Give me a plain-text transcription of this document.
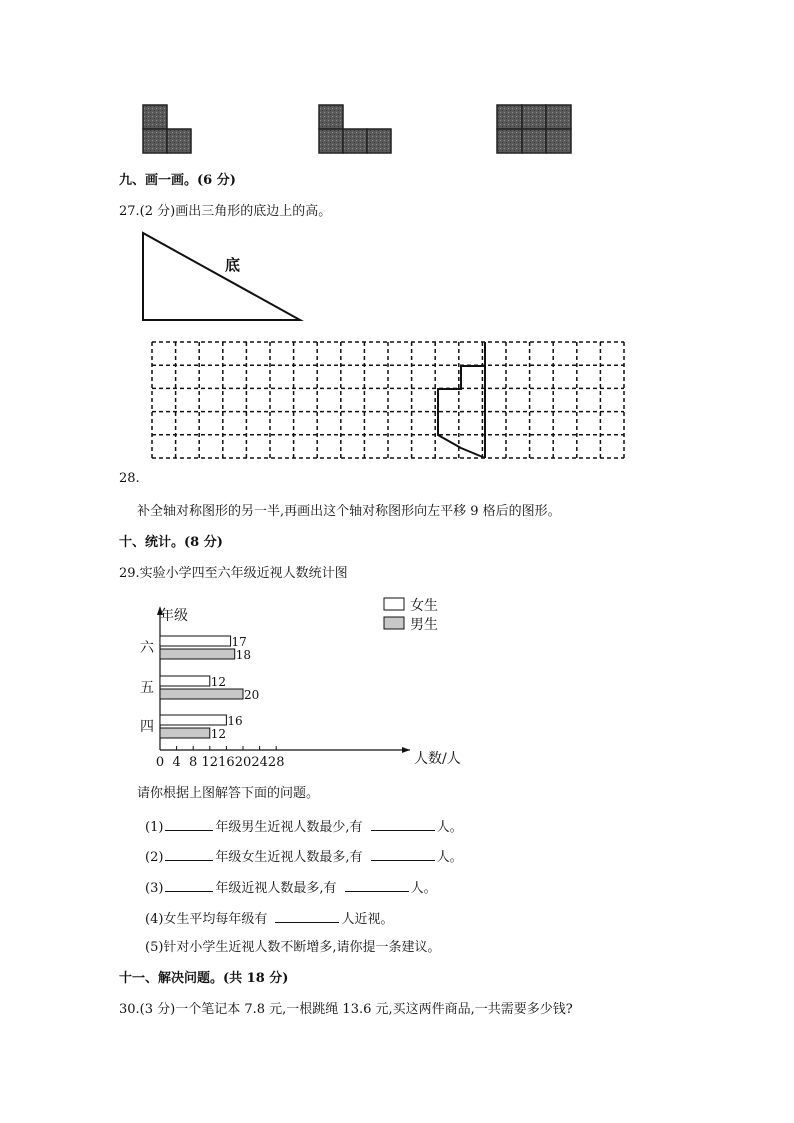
九、画一画。(6 分)
27.(2 分)画出三角形的底边上的高。
底
28.
补全轴对称图形的另一半,再画出这个轴对称图形向左平移 9 格后的图形。
十、统计。(8 分)
29.实验小学四至六年级近视人数统计图
年级
人数/人
0 4 8 12 16 20 24 28
六	17
18
五	12
20
四	16
12
女生
男生
请你根据上图解答下面的问题。
(1)	年级男生近视人数最少,有	人。
(2)	年级女生近视人数最多,有	人。
(3)	年级近视人数最多,有	人。
(4)女生平均每年级有	人近视。
(5)针对小学生近视人数不断增多,请你提一条建议。
十一、解决问题。(共 18 分)
30.(3 分)一个笔记本 7.8 元,一根跳绳 13.6 元,买这两件商品,一共需要多少钱?
